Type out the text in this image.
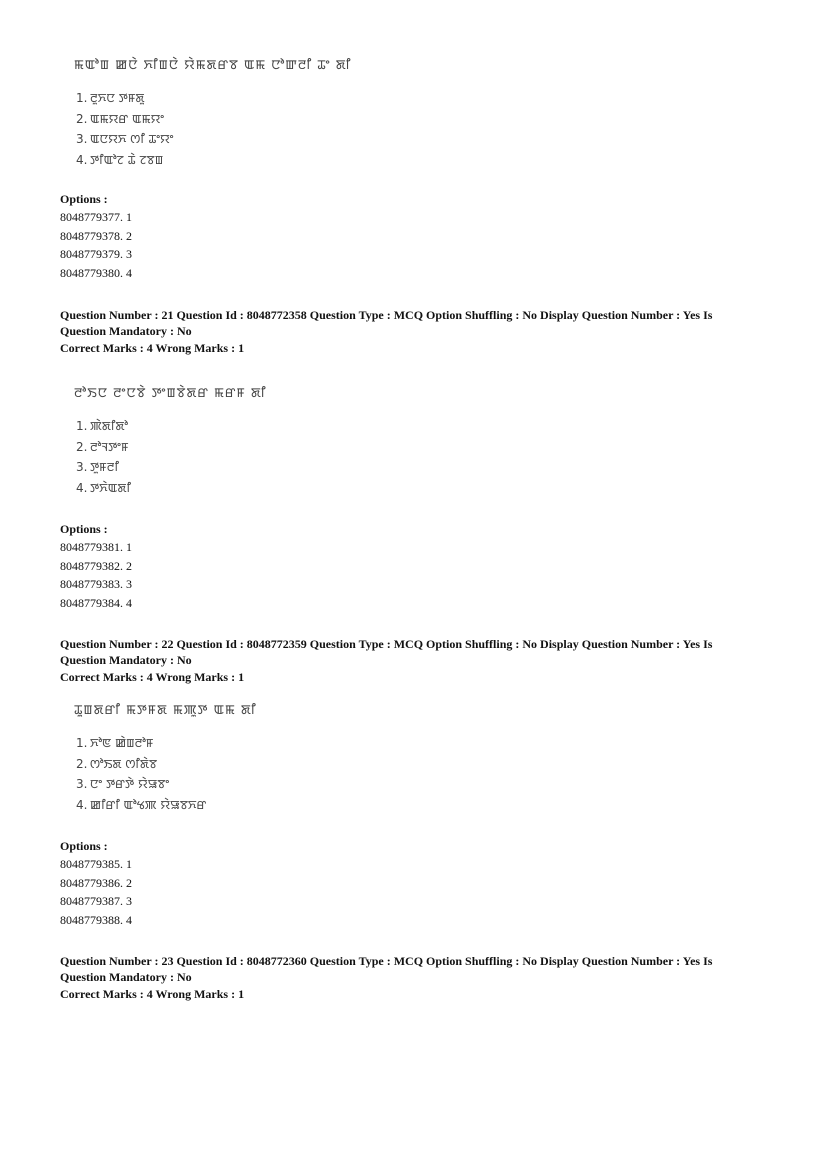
ꯃꯑꯣꯡ ꯀꯅꯥ ꯈꯤꯡꯅꯥ ꯌꯥꯃꯗꯔꯕ ꯑꯃ ꯅꯣꯛꯂꯤ ꯊꯦ ꯗꯤ
1. ꯂꯨꯈꯅ ꯇꯝꯗꯨ
2. ꯑꯃꯌꯔ ꯑꯃꯌꯦ
3. ꯑꯅꯌꯈ ꯁꯤ ꯊꯦꯌꯦ
4. ꯇꯤꯑꯣꯖ ꯊꯥ ꯖꯕꯡ
Options :
8048779377. 1
8048779378. 2
8048779379. 3
8048779380. 4
Question Number : 21 Question Id : 8048772358 Question Type : MCQ Option Shuffling : No Display Question Number : Yes Is
Question Mandatory : No
Correct Marks : 4 Wrong Marks : 1
ꯂꯣꯏꯅ ꯂꯦꯅꯕꯥ ꯇꯦꯡꯕꯥꯗꯔ ꯃꯔꯝ ꯗꯤ
1. ꯄꯥꯗꯤꯗꯣ
2. ꯂꯣꯜꯇꯦꯝ
3. ꯇꯨꯝꯂꯤ
4. ꯇꯈꯥꯑꯗꯤ
Options :
8048779381. 1
8048779382. 2
8048779383. 3
8048779384. 4
Question Number : 22 Question Id : 8048772359 Question Type : MCQ Option Shuffling : No Display Question Number : Yes Is
Question Mandatory : No
Correct Marks : 4 Wrong Marks : 1
ꯊꯨꯡꯗꯔꯤ ꯃꯇꯝꯗ ꯃꯄꯨꯇ ꯑꯃ ꯗꯤ
1. ꯈꯣꯟ ꯀꯥꯡꯂꯣꯝ
2. ꯁꯣꯏꯗ ꯁꯤꯗꯥꯕ
3. ꯅꯦ ꯇꯔꯇꯥ ꯌꯥꯎꯕꯦ
4. ꯀꯤꯔꯤ ꯑꯣꯠꯄ ꯌꯥꯎꯕꯈꯔ
Options :
8048779385. 1
8048779386. 2
8048779387. 3
8048779388. 4
Question Number : 23 Question Id : 8048772360 Question Type : MCQ Option Shuffling : No Display Question Number : Yes Is
Question Mandatory : No
Correct Marks : 4 Wrong Marks : 1
